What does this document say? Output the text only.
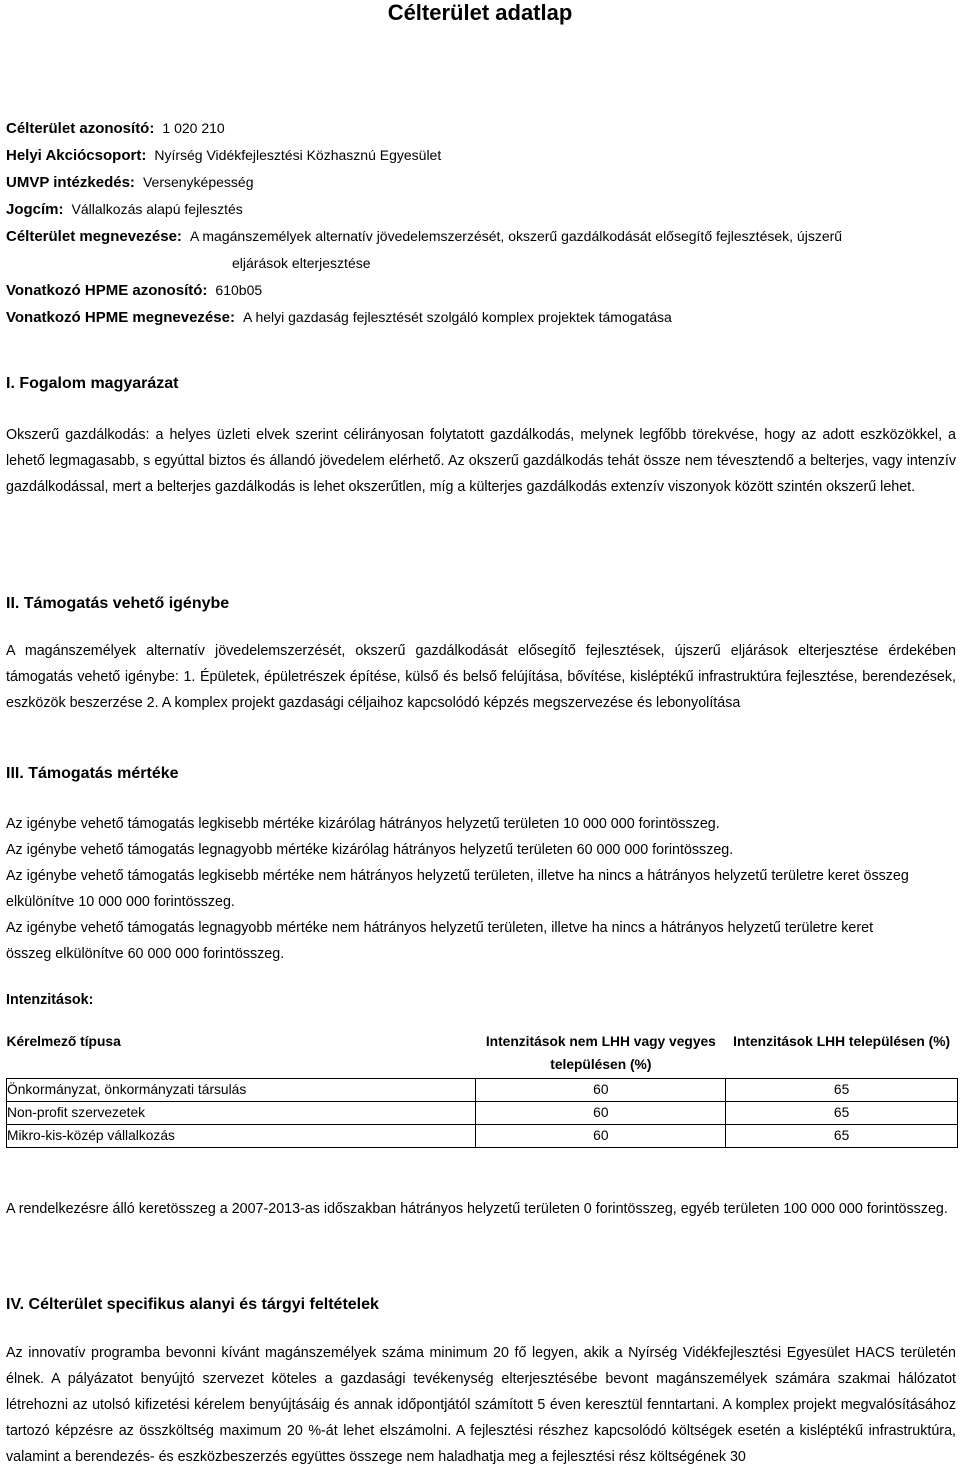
Célterület adatlap
Célterület azonosító: 1 020 210
Helyi Akciócsoport: Nyírség Vidékfejlesztési Közhasznú Egyesület
UMVP intézkedés: Versenyképesség
Jogcím: Vállalkozás alapú fejlesztés
Célterület megnevezése: A magánszemélyek alternatív jövedelemszerzését, okszerű gazdálkodását elősegítő fejlesztések, újszerű
eljárások elterjesztése
Vonatkozó HPME azonosító: 610b05
Vonatkozó HPME megnevezése: A helyi gazdaság fejlesztését szolgáló komplex projektek támogatása
I. Fogalom magyarázat

Okszerű gazdálkodás: a helyes üzleti elvek szerint célirányosan folytatott gazdálkodás, melynek legfőbb törekvése, hogy az adott eszközökkel, a lehető legmagasabb, s egyúttal biztos és állandó jövedelem elérhető. Az okszerű gazdálkodás tehát össze nem tévesztendő a belterjes, vagy intenzív gazdálkodással, mert a belterjes gazdálkodás is lehet okszerűtlen, míg a külterjes gazdálkodás extenzív viszonyok között szintén okszerű lehet.

II. Támogatás vehető igénybe

A magánszemélyek alternatív jövedelemszerzését, okszerű gazdálkodását elősegítő fejlesztések, újszerű eljárások elterjesztése érdekében támogatás vehető igénybe: 1. Épületek, épületrészek építése, külső és belső felújítása, bővítése, kisléptékű infrastruktúra fejlesztése, berendezések, eszközök beszerzése 2. A komplex projekt gazdasági céljaihoz kapcsolódó képzés megszervezése és lebonyolítása

III. Támogatás mértéke

Az igénybe vehető támogatás legkisebb mértéke kizárólag hátrányos helyzetű területen 10 000 000 forintösszeg.

Az igénybe vehető támogatás legnagyobb mértéke kizárólag hátrányos helyzetű területen 60 000 000 forintösszeg.

Az igénybe vehető támogatás legkisebb mértéke nem hátrányos helyzetű területen, illetve ha nincs a hátrányos helyzetű területre keret összeg

elkülönítve 10 000 000 forintösszeg.

Az igénybe vehető támogatás legnagyobb mértéke nem hátrányos helyzetű területen, illetve ha nincs a hátrányos helyzetű területre keret

összeg elkülönítve 60 000 000 forintösszeg.

Intenzitások:

Kérelmező típusa	Intenzitások nem LHH vagy vegyes településen (%)	Intenzitások LHH településen (%)
Önkormányzat, önkormányzati társulás	60	65
Non-profit szervezetek	60	65
Mikro-kis-közép vállalkozás	60	65

A rendelkezésre álló keretösszeg a 2007-2013-as időszakban hátrányos helyzetű területen 0 forintösszeg, egyéb területen 100 000 000 forintösszeg.

IV. Célterület specifikus alanyi és tárgyi feltételek

Az innovatív programba bevonni kívánt magánszemélyek száma minimum 20 fő legyen, akik a Nyírség Vidékfejlesztési Egyesület HACS területén élnek. A pályázatot benyújtó szervezet köteles a gazdasági tevékenység elterjesztésébe bevont magánszemélyek számára szakmai hálózatot létrehozni az utolsó kifizetési kérelem benyújtásáig és annak időpontjától számított 5 éven keresztül fenntartani. A komplex projekt megvalósításához tartozó képzésre az összköltség maximum 20 %-át lehet elszámolni. A fejlesztési részhez kapcsolódó költségek esetén a kisléptékű infrastruktúra, valamint a berendezés- és eszközbeszerzés együttes összege nem haladhatja meg a fejlesztési rész költségének 30
